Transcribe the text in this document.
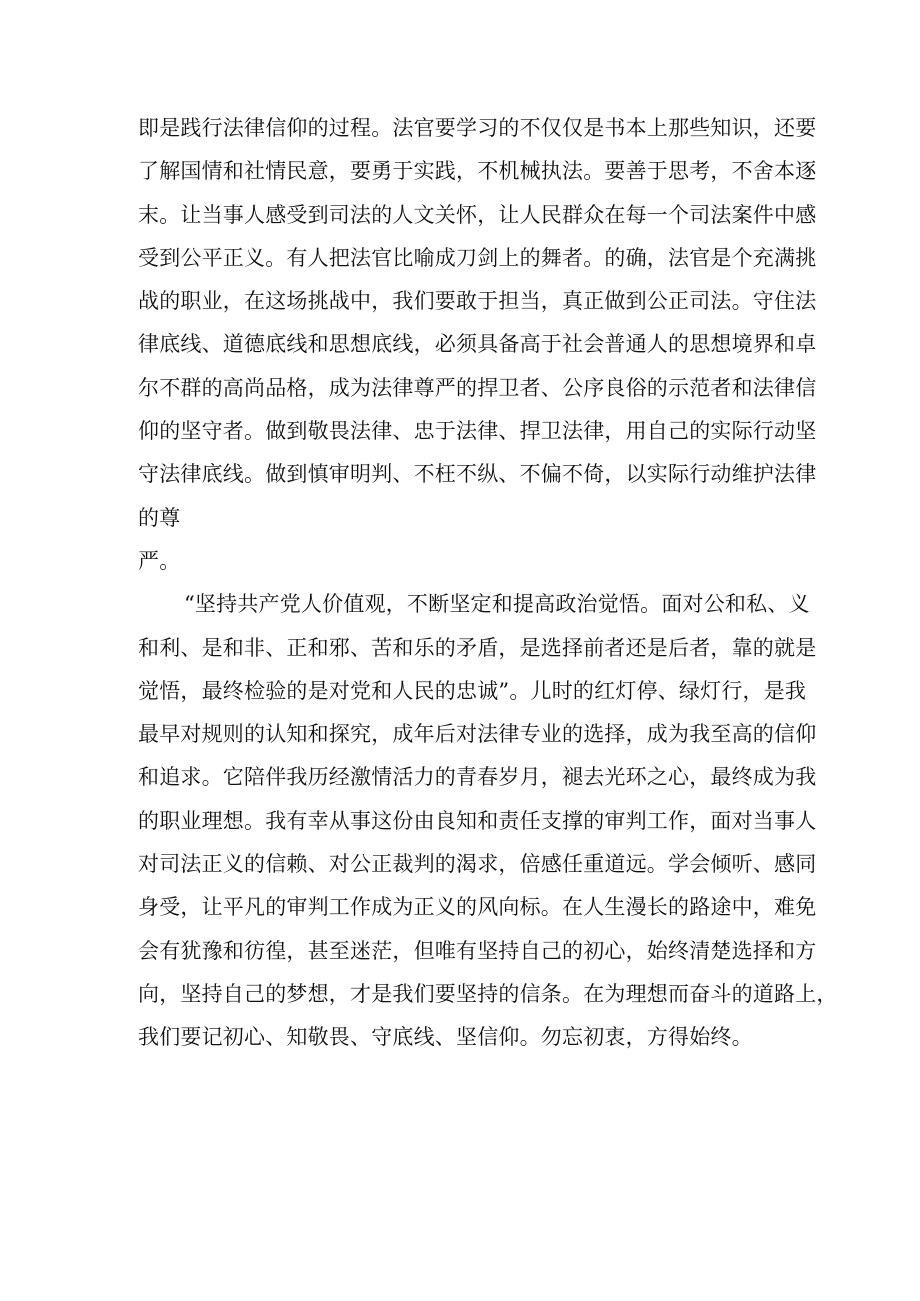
即是践行法律信仰的过程。法官要学习的不仅仅是书本上那些知识，还要
了解国情和社情民意，要勇于实践，不机械执法。要善于思考，不舍本逐
末。让当事人感受到司法的人文关怀，让人民群众在每一个司法案件中感
受到公平正义。有人把法官比喻成刀剑上的舞者。的确，法官是个充满挑
战的职业，在这场挑战中，我们要敢于担当，真正做到公正司法。守住法
律底线、道德底线和思想底线，必须具备高于社会普通人的思想境界和卓
尔不群的高尚品格，成为法律尊严的捍卫者、公序良俗的示范者和法律信
仰的坚守者。做到敬畏法律、忠于法律、捍卫法律，用自己的实际行动坚
守法律底线。做到慎审明判、不枉不纵、不偏不倚，以实际行动维护法律
的尊
严。
“坚持共产党人价值观，不断坚定和提高政治觉悟。面对公和私、义
和利、是和非、正和邪、苦和乐的矛盾，是选择前者还是后者，靠的就是
觉悟，最终检验的是对党和人民的忠诚”。儿时的红灯停、绿灯行，是我
最早对规则的认知和探究，成年后对法律专业的选择，成为我至高的信仰
和追求。它陪伴我历经激情活力的青春岁月，褪去光环之心，最终成为我
的职业理想。我有幸从事这份由良知和责任支撑的审判工作，面对当事人
对司法正义的信赖、对公正裁判的渴求，倍感任重道远。学会倾听、感同
身受，让平凡的审判工作成为正义的风向标。在人生漫长的路途中，难免
会有犹豫和彷徨，甚至迷茫，但唯有坚持自己的初心，始终清楚选择和方
向，坚持自己的梦想，才是我们要坚持的信条。在为理想而奋斗的道路上，
我们要记初心、知敬畏、守底线、坚信仰。勿忘初衷，方得始终。
